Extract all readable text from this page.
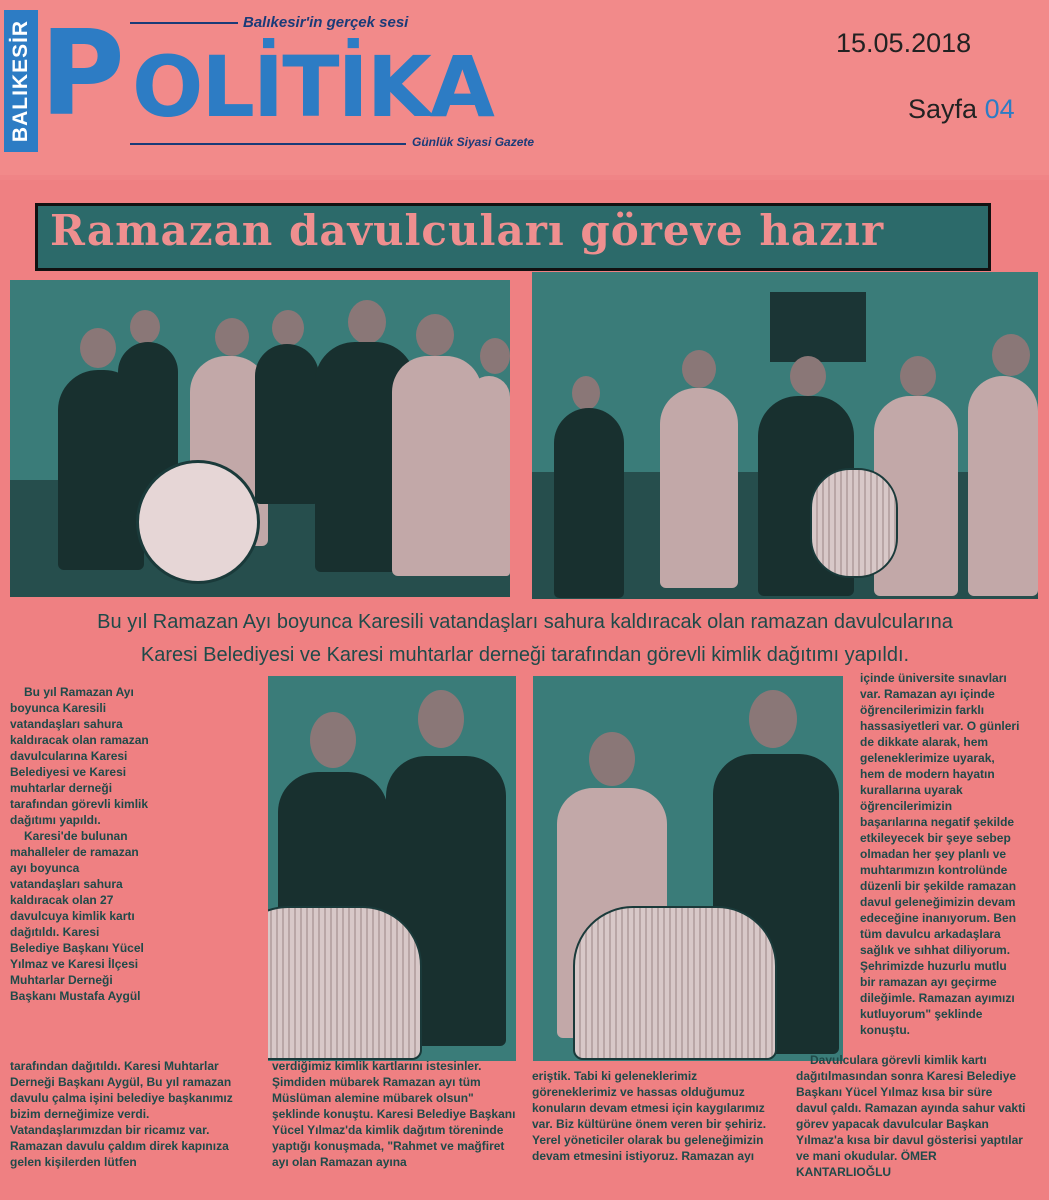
BALIKESİR P OLİTİKA
Balıkesir'in gerçek sesi
Günlük Siyasi Gazete
15.05.2018
Sayfa 04
Ramazan davulcuları göreve hazır
Bu yıl Ramazan Ayı boyunca Karesili vatandaşları sahura kaldıracak olan ramazan davulcularına
Karesi Belediyesi ve Karesi muhtarlar derneği tarafından görevli kimlik dağıtımı yapıldı.

Bu yıl Ramazan Ayı boyunca Karesili vatandaşları sahura kaldıracak olan ramazan davulcularına Karesi Belediyesi ve Karesi muhtarlar derneği tarafından görevli kimlik dağıtımı yapıldı.

Karesi'de bulunan mahalleler de ramazan ayı boyunca vatandaşları sahura kaldıracak olan 27 davulcuya kimlik kartı dağıtıldı. Karesi Belediye Başkanı Yücel Yılmaz ve Karesi İlçesi Muhtarlar Derneği Başkanı Mustafa Aygül

tarafından dağıtıldı. Karesi Muhtarlar Derneği Başkanı Aygül, Bu yıl ramazan davulu çalma işini belediye başkanımız bizim derneğimize verdi. Vatandaşlarımızdan bir ricamız var. Ramazan davulu çaldım direk kapınıza gelen kişilerden lütfen

verdiğimiz kimlik kartlarını istesinler. Şimdiden mübarek Ramazan ayı tüm Müslüman alemine mübarek olsun" şeklinde konuştu. Karesi Belediye Başkanı Yücel Yılmaz'da kimlik dağıtım töreninde yaptığı konuşmada, "Rahmet ve mağfiret ayı olan Ramazan ayına

eriştik. Tabi ki geleneklerimiz göreneklerimiz ve hassas olduğumuz konuların devam etmesi için kaygılarımız var. Biz kültürüne önem veren bir şehiriz. Yerel yöneticiler olarak bu geleneğimizin devam etmesini istiyoruz. Ramazan ayı

içinde üniversite sınavları var. Ramazan ayı içinde öğrencilerimizin farklı hassasiyetleri var. O günleri de dikkate alarak, hem geleneklerimize uyarak, hem de modern hayatın kurallarına uyarak öğrencilerimizin başarılarına negatif şekilde etkileyecek bir şeye sebep olmadan her şey planlı ve muhtarımızın kontrolünde düzenli bir şekilde ramazan davul geleneğimizin devam edeceğine inanıyorum. Ben tüm davulcu arkadaşlara sağlık ve sıhhat diliyorum. Şehrimizde huzurlu mutlu bir ramazan ayı geçirme dileğimle. Ramazan ayımızı kutluyorum" şeklinde konuştu.

Davulculara görevli kimlik kartı dağıtılmasından sonra Karesi Belediye Başkanı Yücel Yılmaz kısa bir süre davul çaldı. Ramazan ayında sahur vakti görev yapacak davulcular Başkan Yılmaz'a kısa bir davul gösterisi yaptılar ve mani okudular. ÖMER KANTARLIOĞLU
